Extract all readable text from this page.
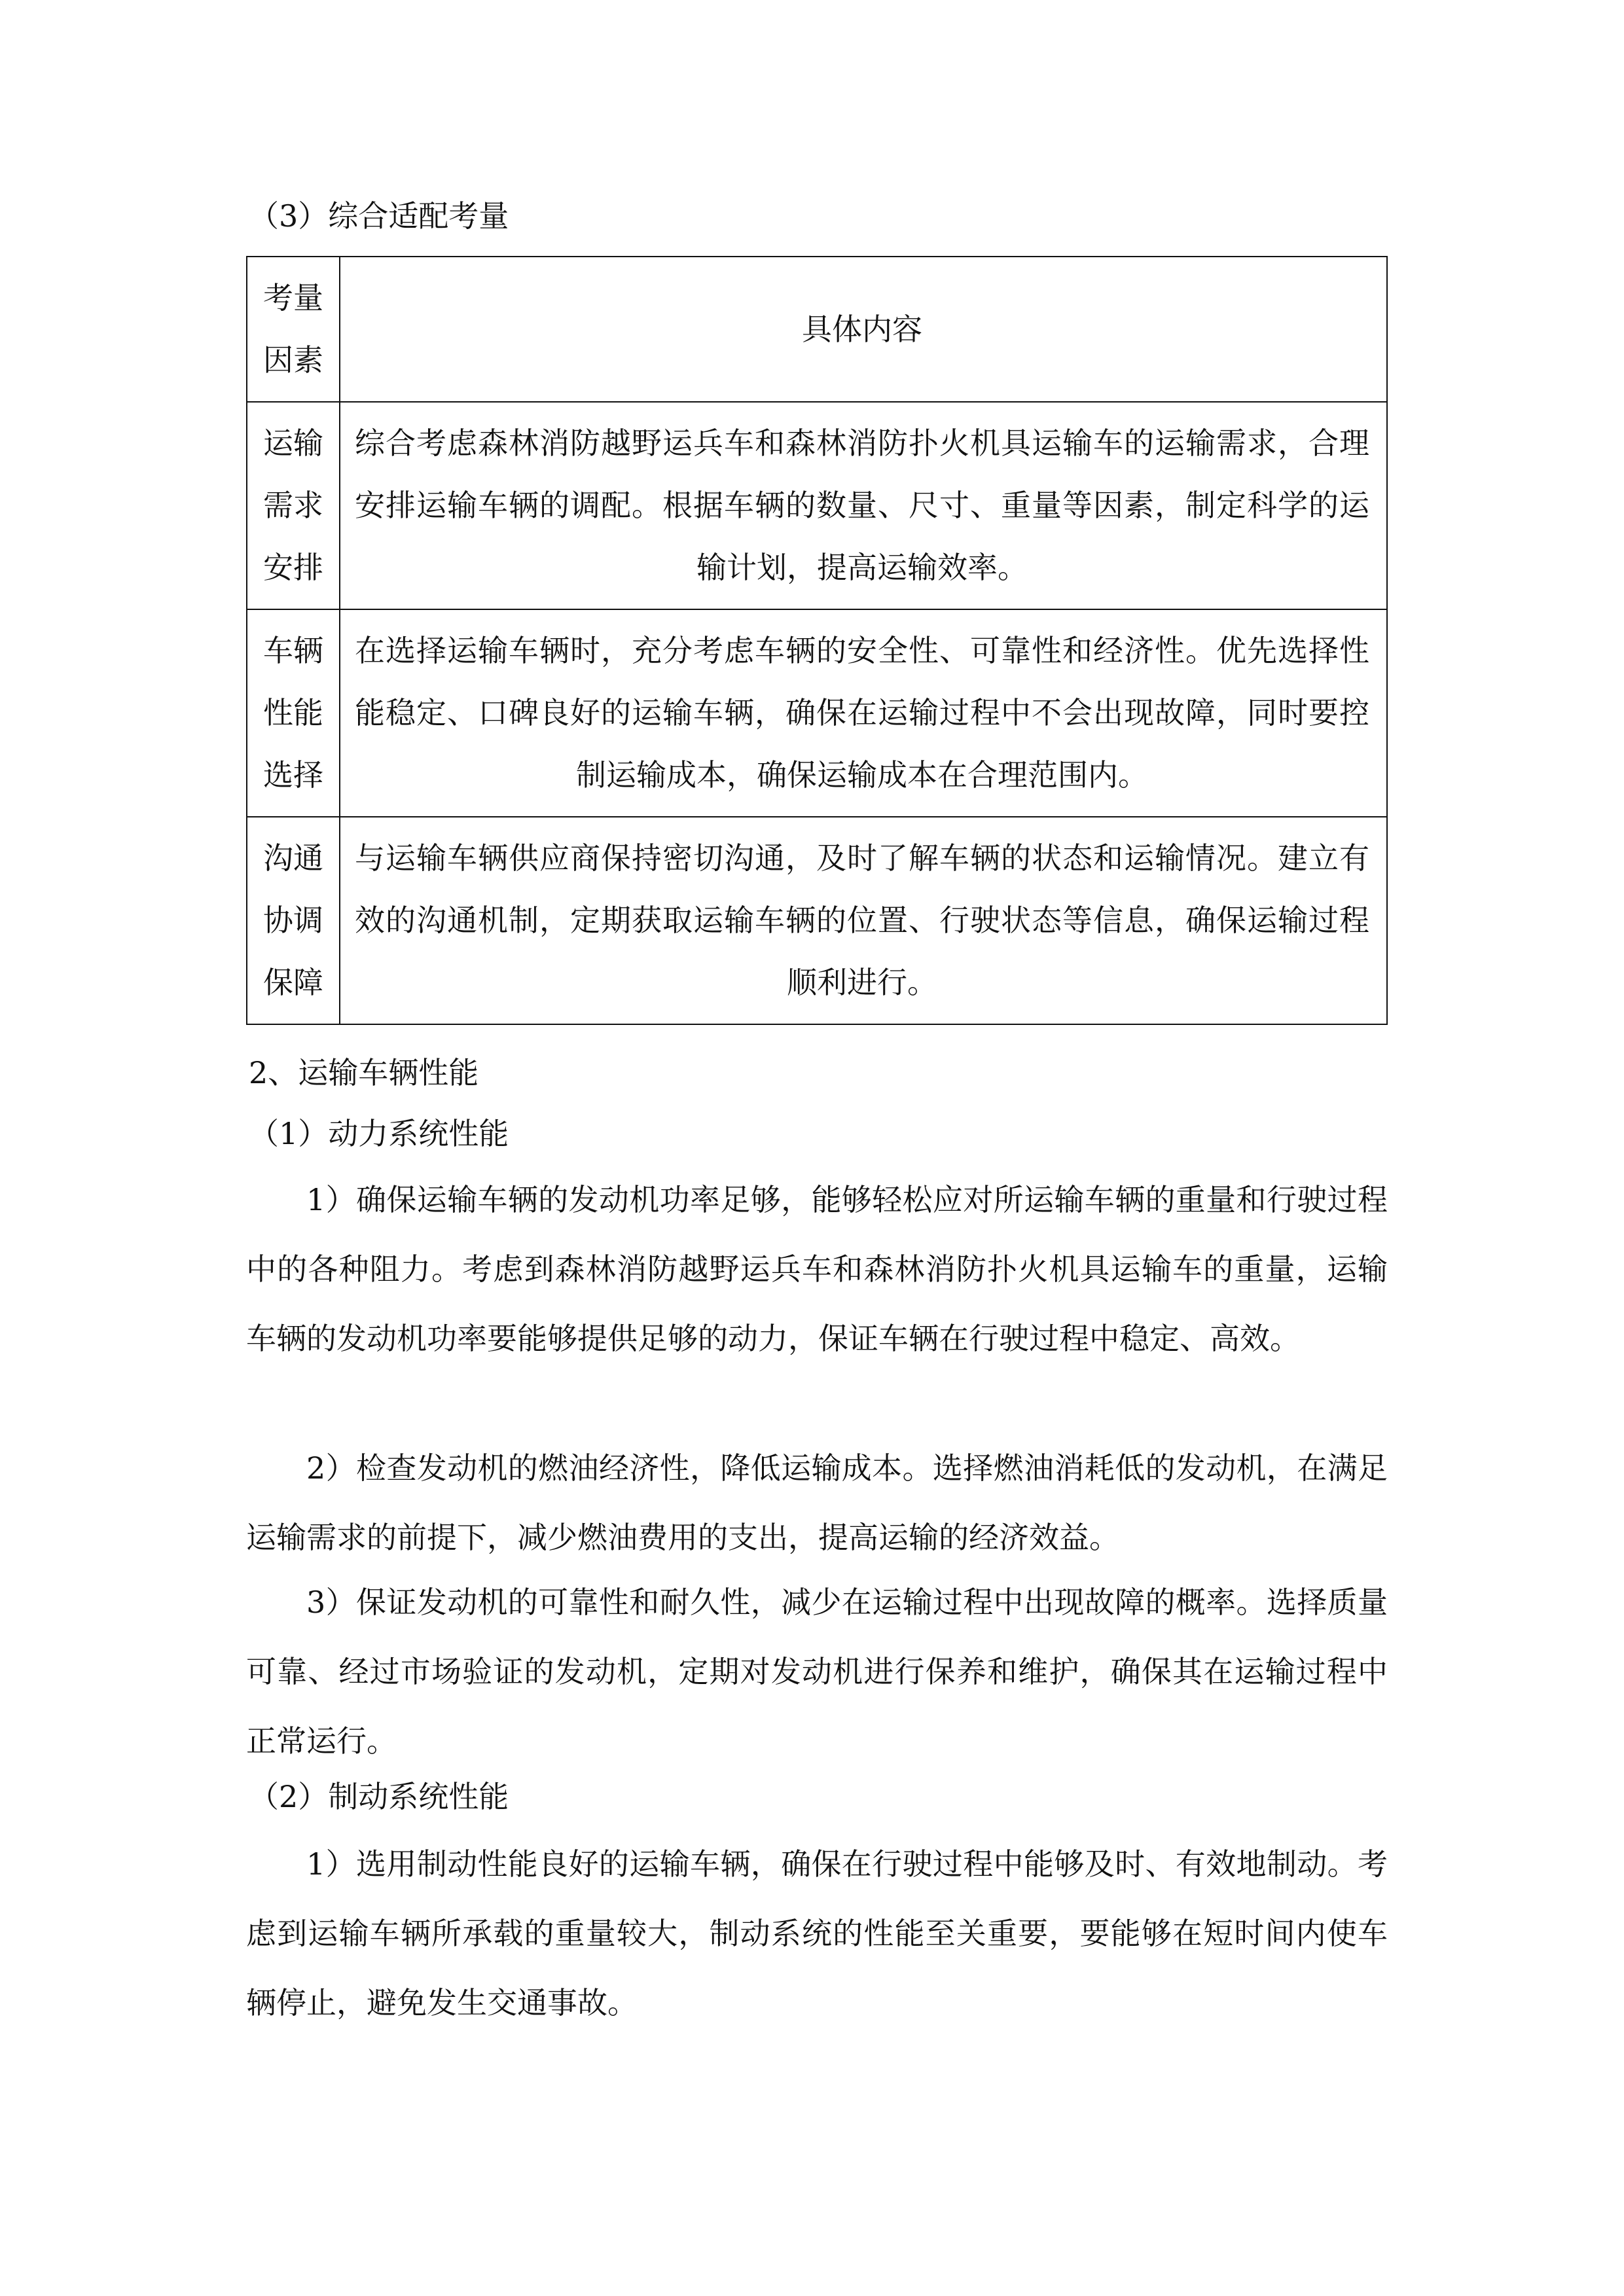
（3）综合适配考量
考量
因素	具体内容

运输
需求
安排	综合考虑森林消防越野运兵车和森林消防扑火机具运输车的运输需求，合理安排运输车辆的调配。根据车辆的数量、尺寸、重量等因素，制定科学的运输计划，提高运输效率。

车辆
性能
选择	在选择运输车辆时，充分考虑车辆的安全性、可靠性和经济性。优先选择性能稳定、口碑良好的运输车辆，确保在运输过程中不会出现故障，同时要控制运输成本，确保运输成本在合理范围内。

沟通
协调
保障	与运输车辆供应商保持密切沟通，及时了解车辆的状态和运输情况。建立有效的沟通机制，定期获取运输车辆的位置、行驶状态等信息，确保运输过程顺利进行。
2、运输车辆性能
（1）动力系统性能
1）确保运输车辆的发动机功率足够，能够轻松应对所运输车辆的重量和行驶过程中的各种阻力。考虑到森林消防越野运兵车和森林消防扑火机具运输车的重量，运输车辆的发动机功率要能够提供足够的动力，保证车辆在行驶过程中稳定、高效。
2）检查发动机的燃油经济性，降低运输成本。选择燃油消耗低的发动机，在满足运输需求的前提下，减少燃油费用的支出，提高运输的经济效益。
3）保证发动机的可靠性和耐久性，减少在运输过程中出现故障的概率。选择质量可靠、经过市场验证的发动机，定期对发动机进行保养和维护，确保其在运输过程中正常运行。
（2）制动系统性能
1）选用制动性能良好的运输车辆，确保在行驶过程中能够及时、有效地制动。考虑到运输车辆所承载的重量较大，制动系统的性能至关重要，要能够在短时间内使车辆停止，避免发生交通事故。
